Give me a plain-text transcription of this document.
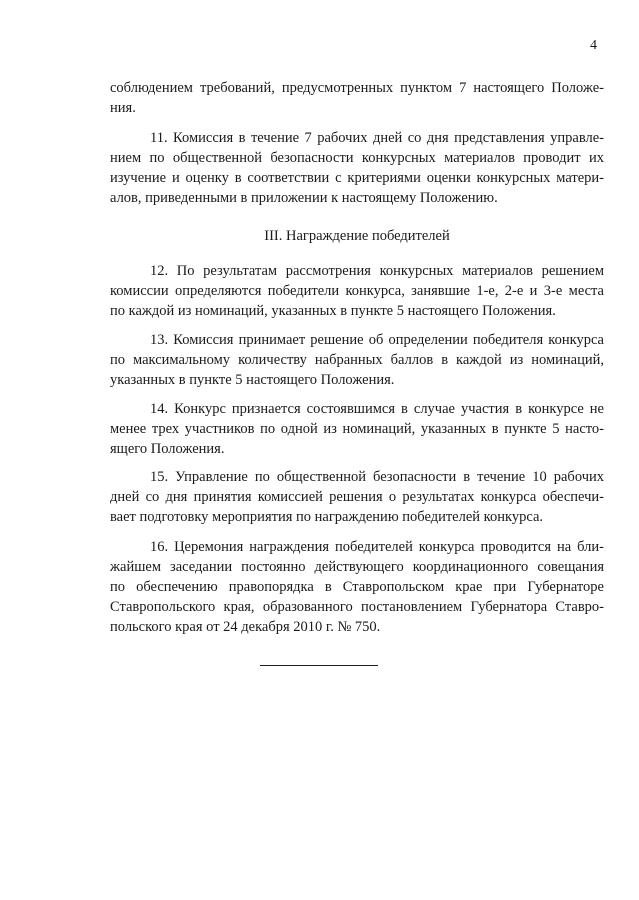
4
соблюдением требований, предусмотренных пунктом 7 настоящего Положе-
ния.
11. Комиссия в течение 7 рабочих дней со дня представления управле-
нием по общественной безопасности конкурсных материалов проводит их
изучение и оценку в соответствии с критериями оценки конкурсных матери-
алов, приведенными в приложении к настоящему Положению.
III. Награждение победителей
12. По результатам рассмотрения конкурсных материалов решением
комиссии определяются победители конкурса, занявшие 1-е, 2-е и 3-е места
по каждой из номинаций, указанных в пункте 5 настоящего Положения.
13. Комиссия принимает решение об определении победителя конкурса
по максимальному количеству набранных баллов в каждой из номинаций,
указанных в пункте 5 настоящего Положения.
14. Конкурс признается состоявшимся в случае участия в конкурсе не
менее трех участников по одной из номинаций, указанных в пункте 5 насто-
ящего Положения.
15. Управление по общественной безопасности в течение 10 рабочих
дней со дня принятия комиссией решения о результатах конкурса обеспечи-
вает подготовку мероприятия по награждению победителей конкурса.
16. Церемония награждения победителей конкурса проводится на бли-
жайшем заседании постоянно действующего координационного совещания
по обеспечению правопорядка в Ставропольском крае при Губернаторе
Ставропольского края, образованного постановлением Губернатора Ставро-
польского края от 24 декабря 2010 г. № 750.
